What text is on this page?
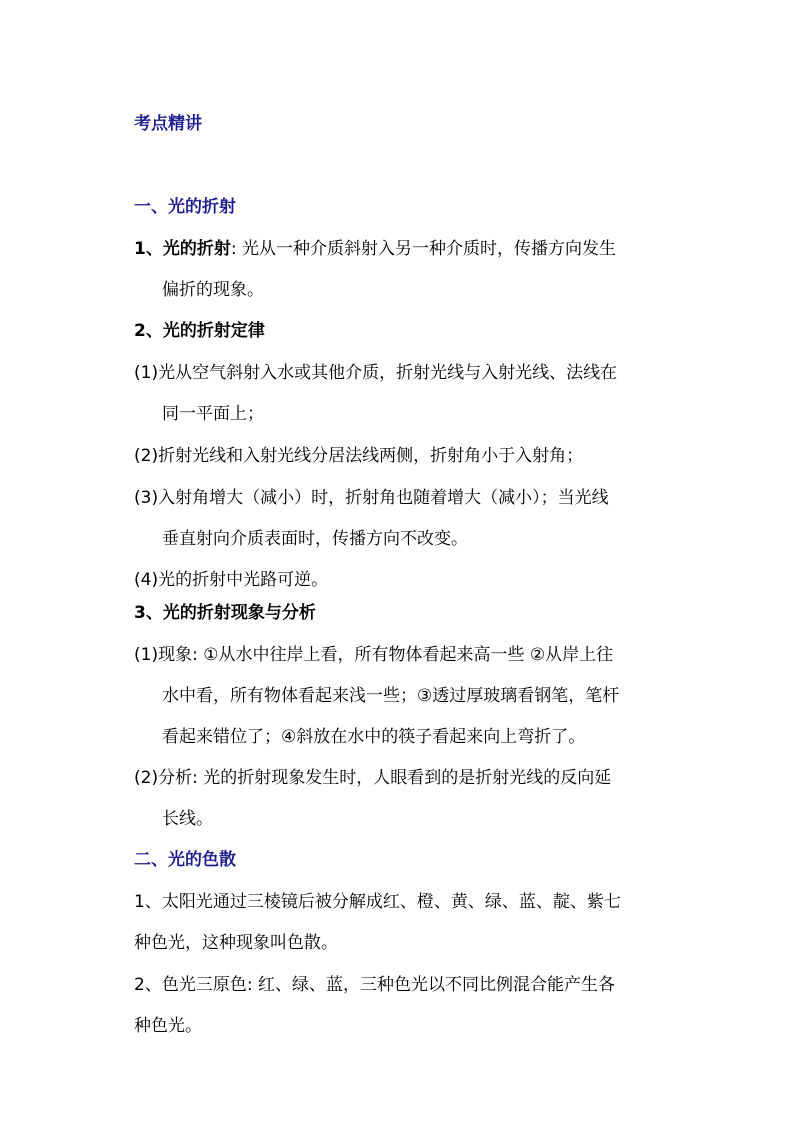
考点精讲
一、光的折射
1、光的折射: 光从一种介质斜射入另一种介质时，传播方向发生
偏折的现象。
2、光的折射定律
(1)光从空气斜射入水或其他介质，折射光线与入射光线、法线在
同一平面上；
(2)折射光线和入射光线分居法线两侧，折射角小于入射角；
(3)入射角增大（减小）时，折射角也随着增大（减小）；当光线
垂直射向介质表面时，传播方向不改变。
(4)光的折射中光路可逆。
3、光的折射现象与分析
(1)现象: ①从水中往岸上看，所有物体看起来高一些 ②从岸上往
水中看，所有物体看起来浅一些；③透过厚玻璃看钢笔，笔杆
看起来错位了；④斜放在水中的筷子看起来向上弯折了。
(2)分析: 光的折射现象发生时，人眼看到的是折射光线的反向延
长线。
二、光的色散
1、太阳光通过三棱镜后被分解成红、橙、黄、绿、蓝、靛、紫七
种色光，这种现象叫色散。
2、色光三原色: 红、绿、蓝，三种色光以不同比例混合能产生各
种色光。
